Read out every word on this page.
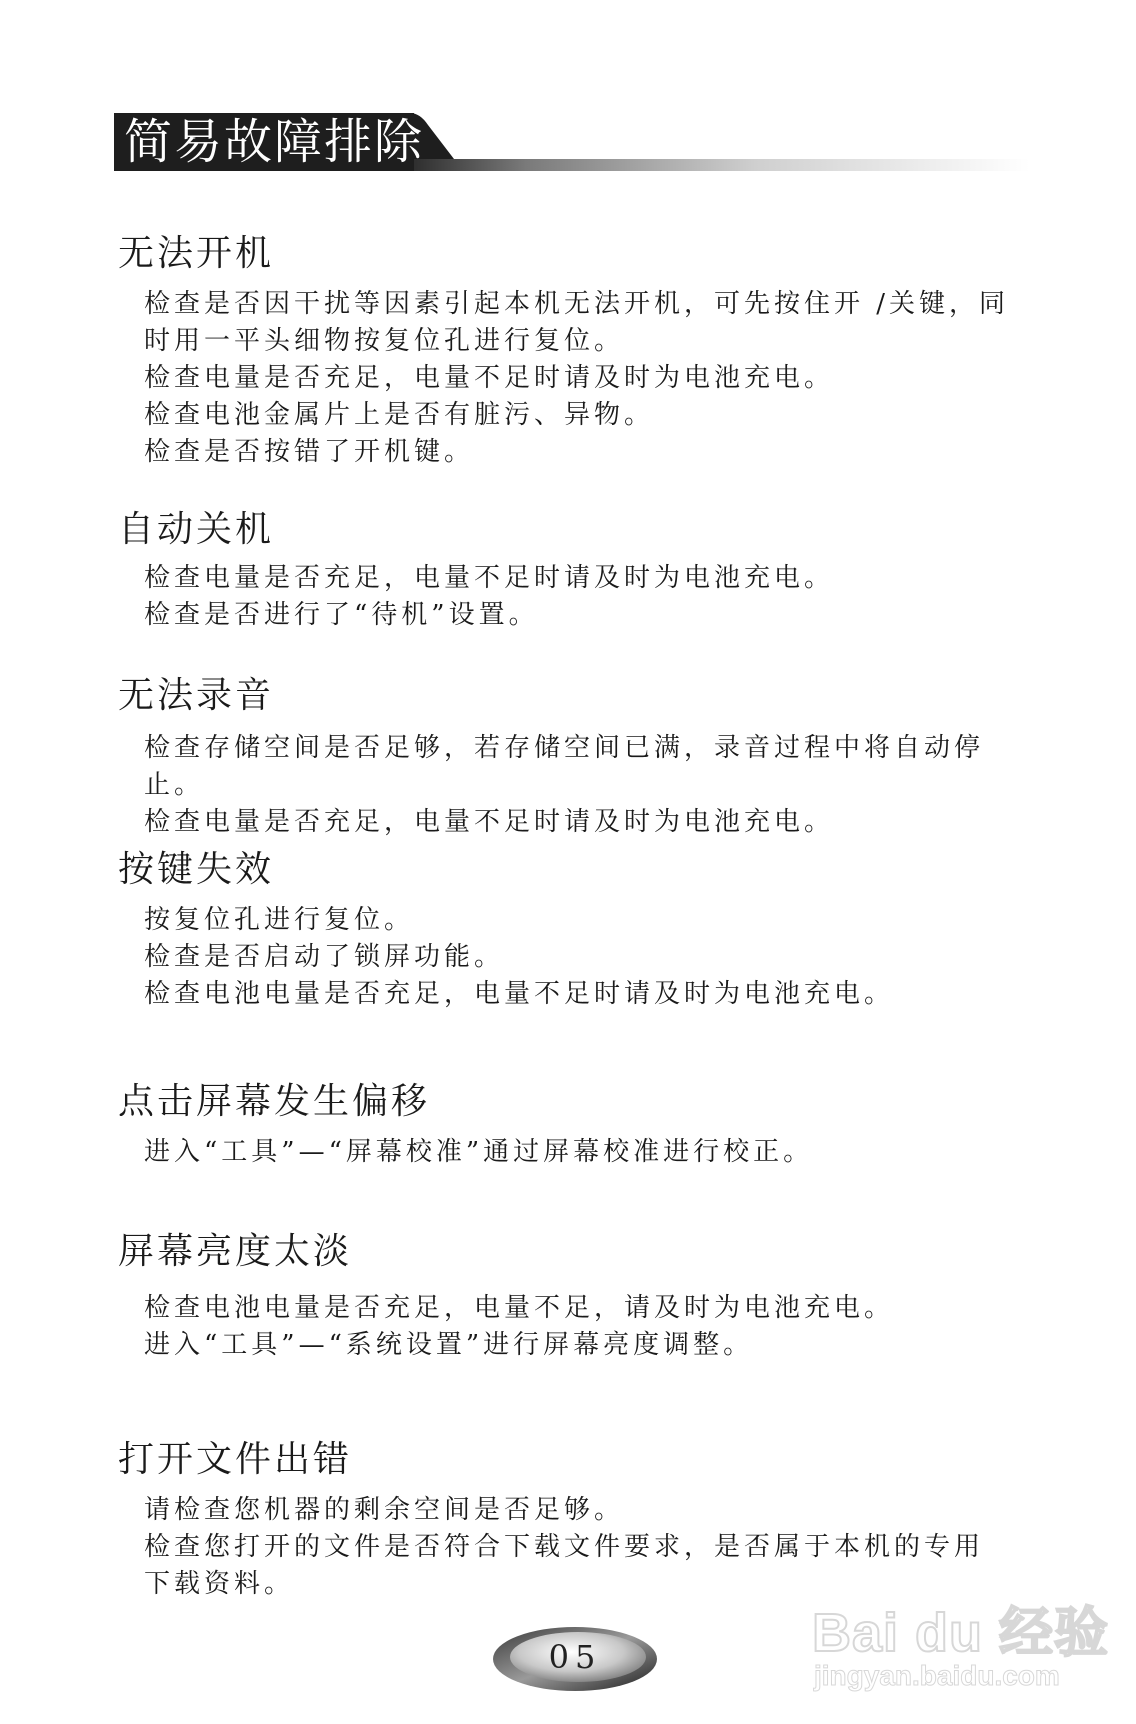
简易故障排除
无法开机

检查是否因干扰等因素引起本机无法开机，可先按住开 /关键，同

时用一平头细物按复位孔进行复位。

检查电量是否充足，电量不足时请及时为电池充电。

检查电池金属片上是否有脏污、异物。

检查是否按错了开机键。

自动关机

检查电量是否充足，电量不足时请及时为电池充电。

检查是否进行了“待机”设置。

无法录音

检查存储空间是否足够，若存储空间已满，录音过程中将自动停止。

检查电量是否充足，电量不足时请及时为电池充电。

按键失效

按复位孔进行复位。

检查是否启动了锁屏功能。

检查电池电量是否充足，电量不足时请及时为电池充电。

点击屏幕发生偏移

进入“工具”—“屏幕校准”通过屏幕校准进行校正。

屏幕亮度太淡

检查电池电量是否充足，电量不足，请及时为电池充电。

进入“工具”—“系统设置”进行屏幕亮度调整。

打开文件出错

请检查您机器的剩余空间是否足够。

检查您打开的文件是否符合下载文件要求，是否属于本机的专用

下载资料。

05	Bai du 经验
jingyan.baidu.com
